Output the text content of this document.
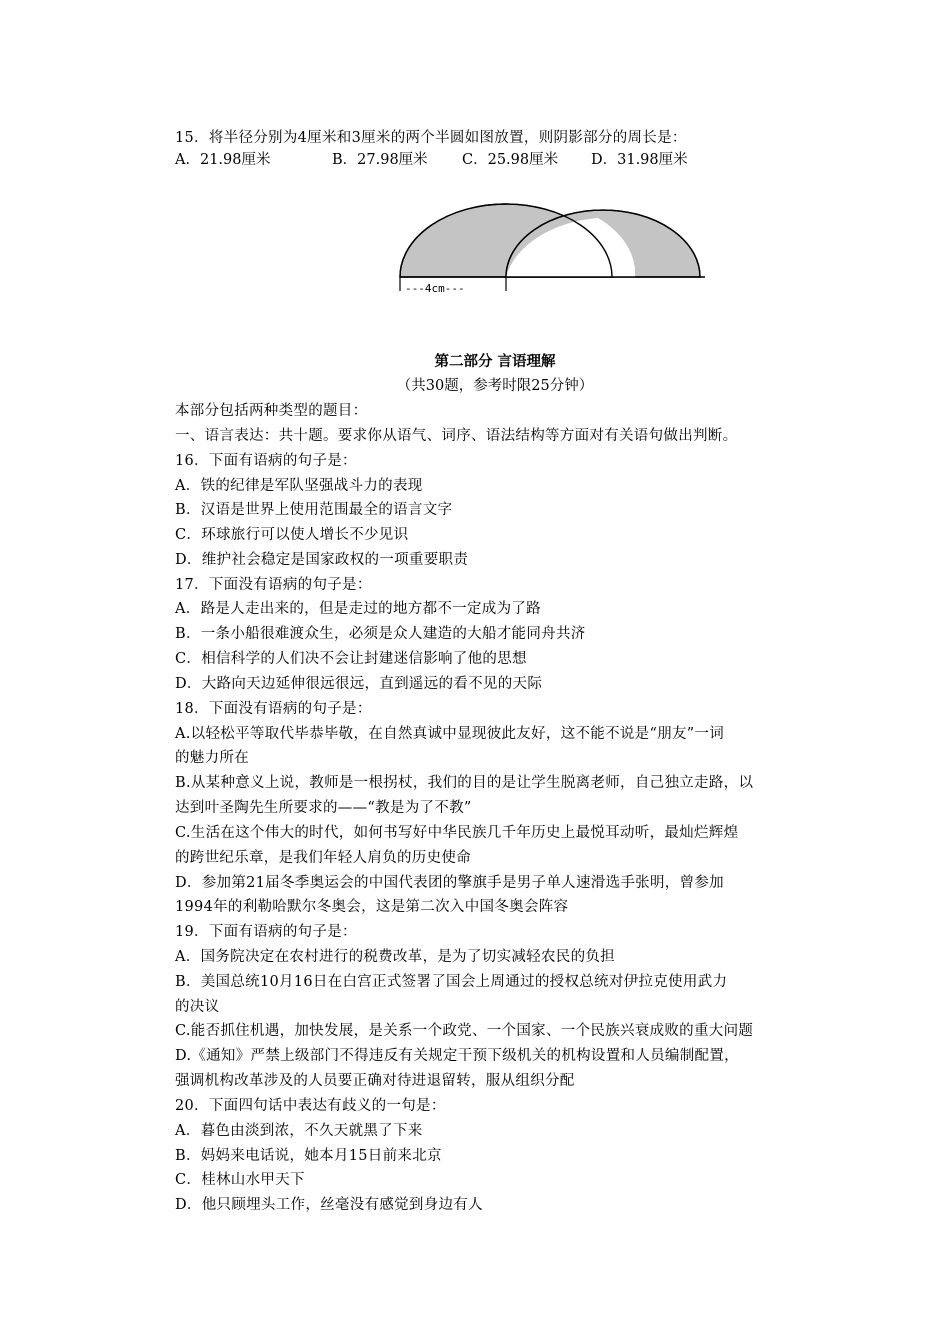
15．将半径分别为4厘米和3厘米的两个半圆如图放置，则阴影部分的周长是：
A．21.98厘米	B．27.98厘米 C．25.98厘米 D．31.98厘米
---4cm---
第二部分 言语理解
（共30题，参考时限25分钟）
本部分包括两种类型的题目：
一、语言表达：共十题。要求你从语气、词序、语法结构等方面对有关语句做出判断。
16．下面有语病的句子是：
A．铁的纪律是军队坚强战斗力的表现
B．汉语是世界上使用范围最全的语言文字
C．环球旅行可以使人增长不少见识
D．维护社会稳定是国家政权的一项重要职责
17．下面没有语病的句子是：
A．路是人走出来的，但是走过的地方都不一定成为了路
B．一条小船很难渡众生，必须是众人建造的大船才能同舟共济
C．相信科学的人们决不会让封建迷信影响了他的思想
D．大路向天边延伸很远很远，直到遥远的看不见的天际
18．下面没有语病的句子是：
A.以轻松平等取代毕恭毕敬，在自然真诚中显现彼此友好，这不能不说是“朋友”一词
的魅力所在
B.从某种意义上说，教师是一根拐杖，我们的目的是让学生脱离老师，自己独立走路，以
达到叶圣陶先生所要求的——“教是为了不教”
C.生活在这个伟大的时代，如何书写好中华民族几千年历史上最悦耳动听，最灿烂辉煌
的跨世纪乐章，是我们年轻人肩负的历史使命
D．参加第21届冬季奥运会的中国代表团的擎旗手是男子单人速滑选手张明，曾参加
1994年的利勒哈默尔冬奥会，这是第二次入中国冬奥会阵容
19．下面有语病的句子是：
A．国务院决定在农村进行的税费改革，是为了切实减轻农民的负担
B．美国总统10月16日在白宫正式签署了国会上周通过的授权总统对伊拉克使用武力
的决议
C.能否抓住机遇，加快发展，是关系一个政党、一个国家、一个民族兴衰成败的重大问题
D.《通知》严禁上级部门不得违反有关规定干预下级机关的机构设置和人员编制配置，
强调机构改革涉及的人员要正确对待进退留转，服从组织分配
20．下面四句话中表达有歧义的一句是：
A．暮色由淡到浓，不久天就黑了下来
B．妈妈来电话说，她本月15日前来北京
C．桂林山水甲天下
D．他只顾埋头工作，丝毫没有感觉到身边有人
